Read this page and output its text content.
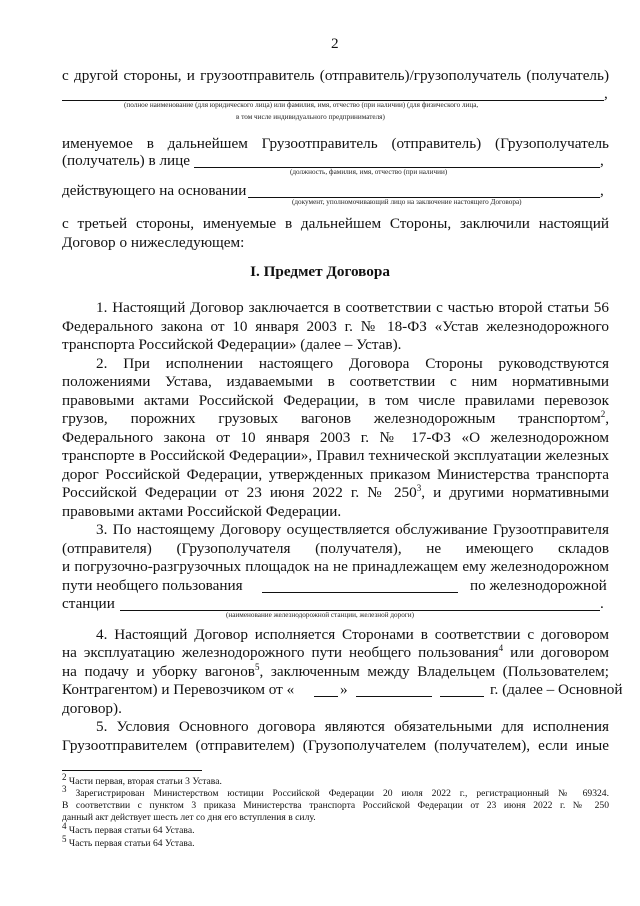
2
с другой стороны, и грузоотправитель (отправитель)/грузополучатель (получатель)
,
(полное наименование (для юридического лица) или фамилия, имя, отчество (при наличии) (для физического лица,
в том числе индивидуального предпринимателя)
именуемое в дальнейшем Грузоотправитель (отправитель) (Грузополучатель
(получатель) в лице	,
(должность, фамилия, имя, отчество (при наличии)
действующего на основании	,
(документ, уполномочивающий лицо на заключение настоящего Договора)
с третьей стороны, именуемые в дальнейшем Стороны, заключили настоящий
Договор о нижеследующем:
I. Предмет Договора
1. Настоящий Договор заключается в соответствии с частью второй статьи 56
Федерального закона от 10 января 2003 г. № 18-ФЗ «Устав железнодорожного
транспорта Российской Федерации» (далее – Устав).
2. При исполнении настоящего Договора Стороны руководствуются
положениями Устава, издаваемыми в соответствии с ним нормативными
правовыми актами Российской Федерации, в том числе правилами перевозок
грузов, порожних грузовых вагонов железнодорожным транспортом$^2$,
Федерального закона от 10 января 2003 г. № 17-ФЗ «О железнодорожном
транспорте в Российской Федерации», Правил технической эксплуатации железных
дорог Российской Федерации, утвержденных приказом Министерства транспорта
Российской Федерации от 23 июня 2022 г. № $250^3$, и другими нормативными
правовыми актами Российской Федерации.
3. По настоящему Договору осуществляется обслуживание Грузоотправителя
(отправителя) (Грузополучателя (получателя), не имеющего складов
и погрузочно-разгрузочных площадок на не принадлежащем ему железнодорожном
пути необщего пользования	по железнодорожной
станции	.
(наименование железнодорожной станции, железной дороги)
4. Настоящий Договор исполняется Сторонами в соответствии с договором
на эксплуатацию железнодорожного пути необщего пользования$^4$ или договором
на подачу и уборку вагонов$^5$, заключенным между Владельцем (Пользователем;
Контрагентом) и Перевозчиком от «	»	г. (далее – Основной
договор).
5. Условия Основного договора являются обязательными для исполнения
Грузоотправителем (отправителем) (Грузополучателем (получателем), если иные
$^2$ Части первая, вторая статьи 3 Устава.
$^3$ Зарегистрирован Министерством юстиции Российской Федерации 20 июля 2022 г., регистрационный № 69324.
В соответствии с пунктом 3 приказа Министерства транспорта Российской Федерации от 23 июня 2022 г. № 250
данный акт действует шесть лет со дня его вступления в силу.
$^4$ Часть первая статьи 64 Устава.
$^5$ Часть первая статьи 64 Устава.
